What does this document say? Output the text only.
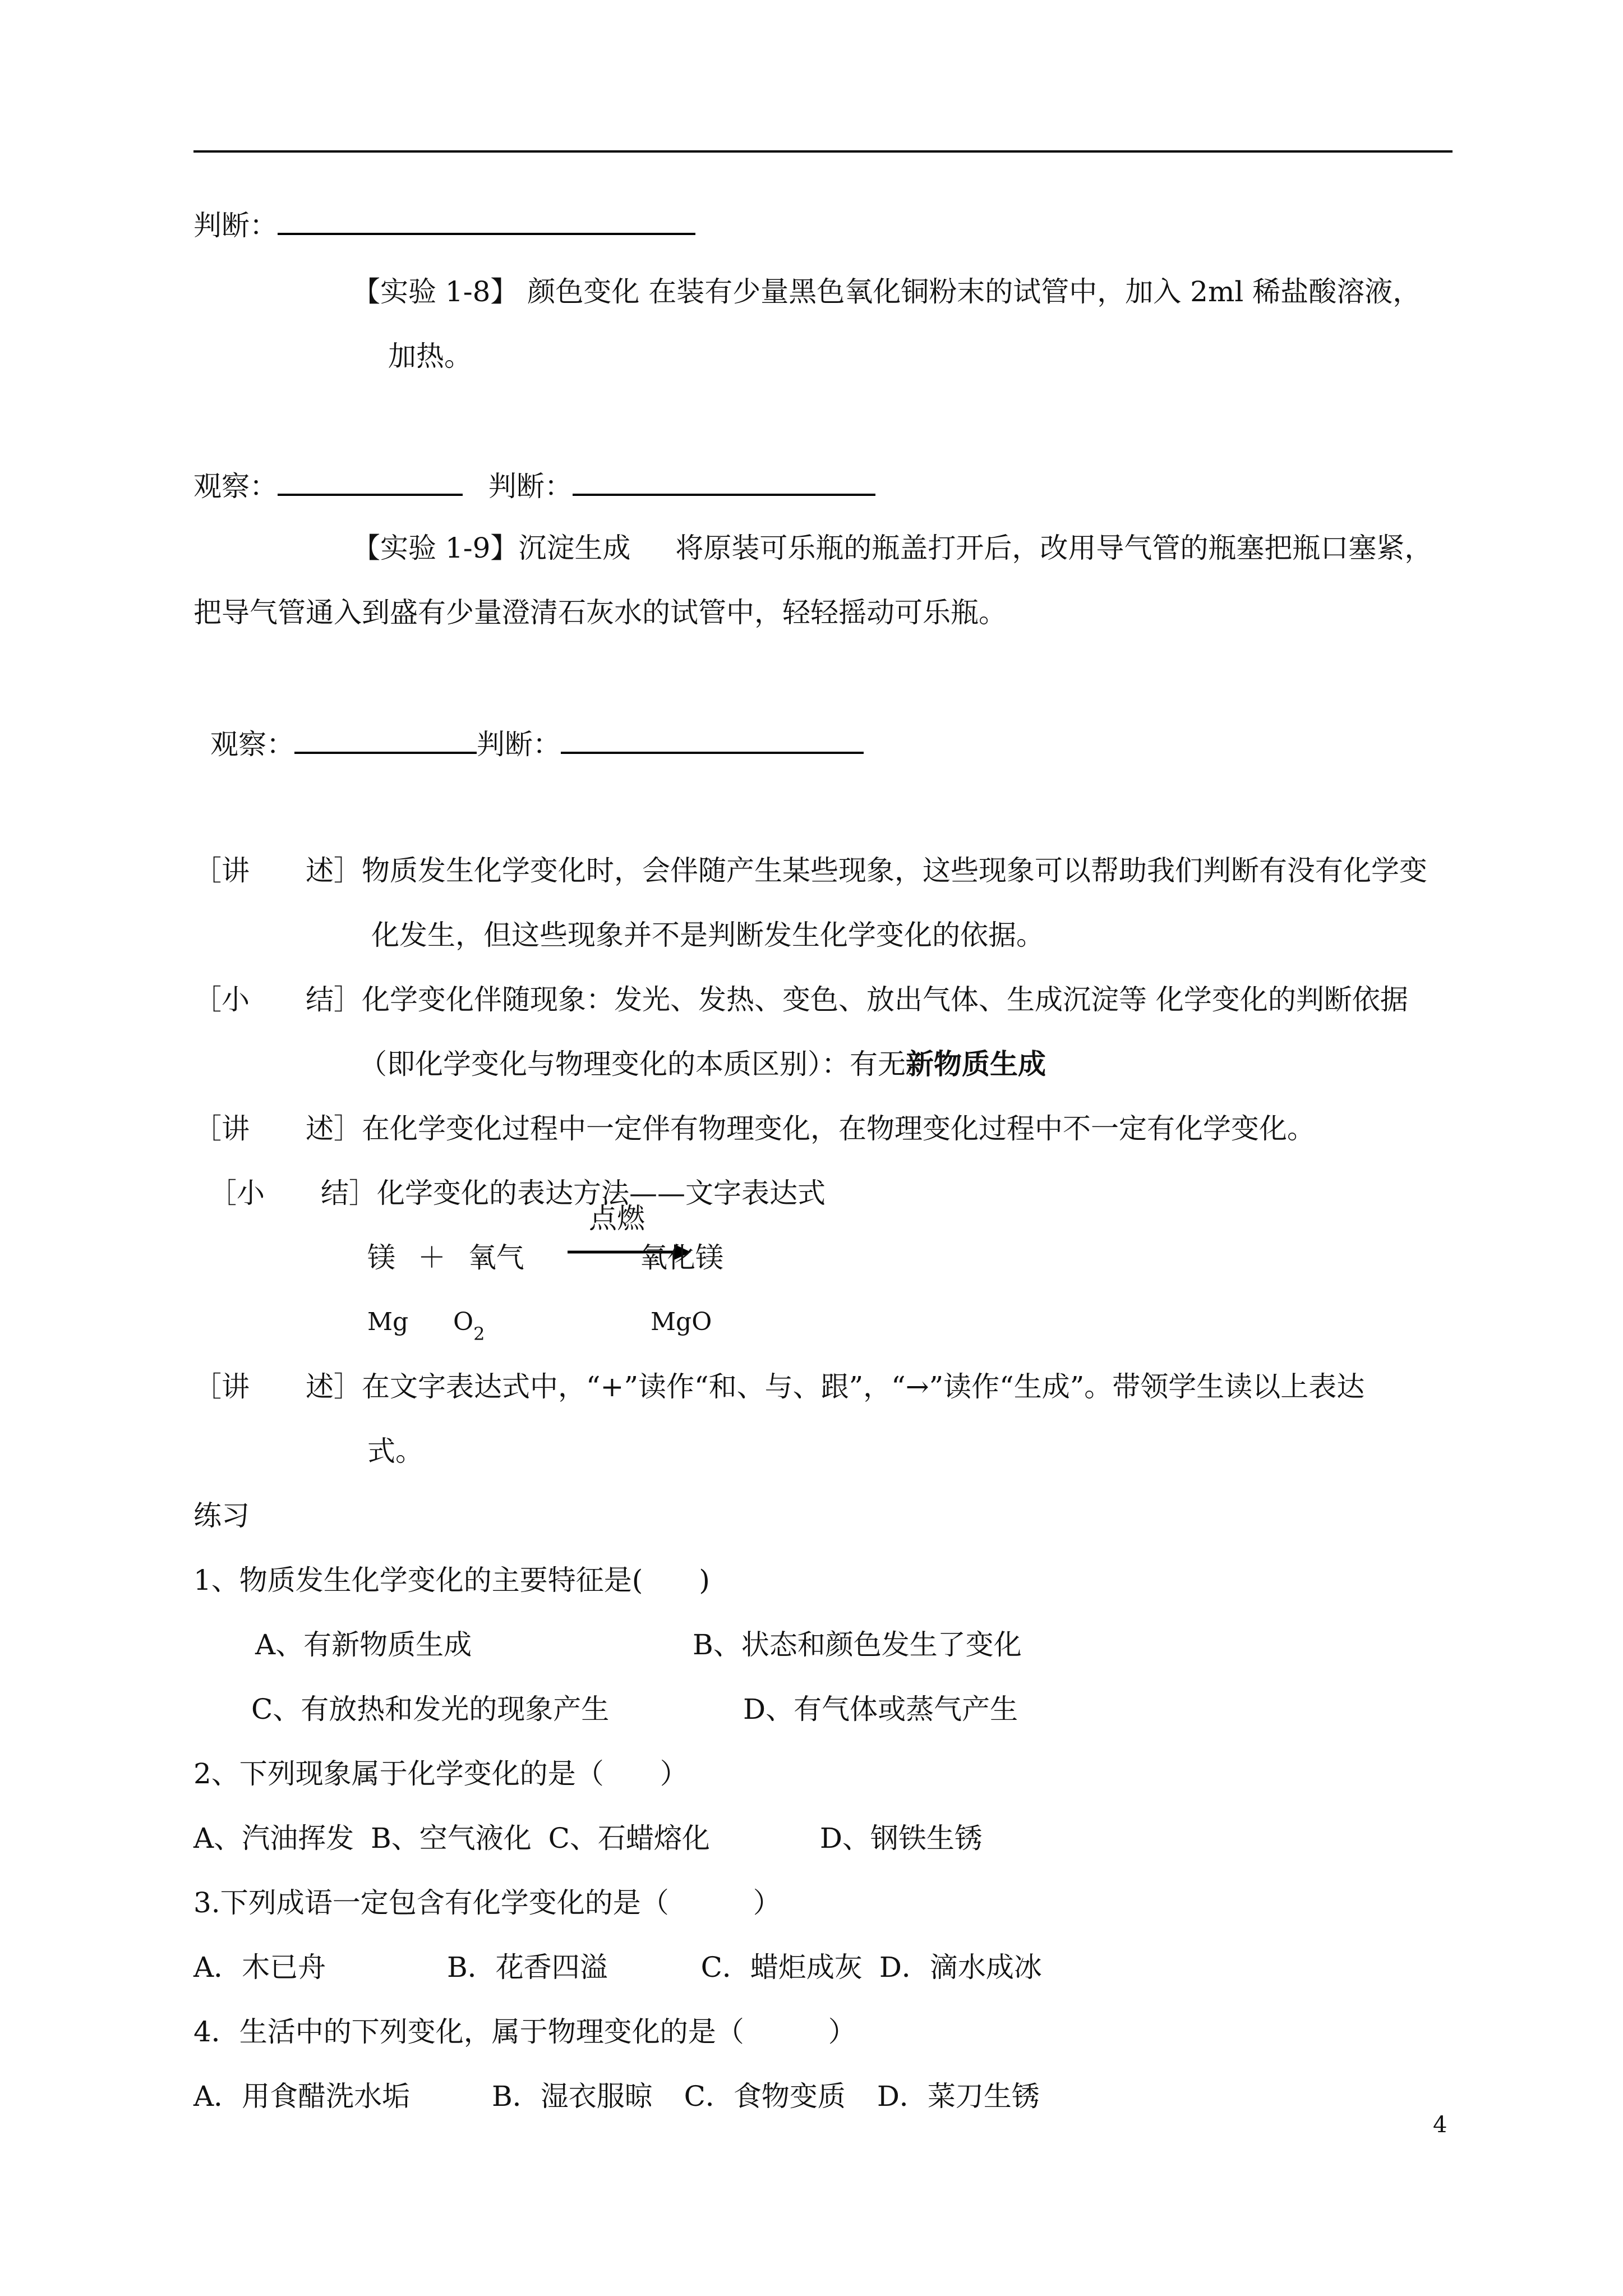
判断：
【实验 1-8】 颜色变化 在装有少量黑色氧化铜粉末的试管中，加入 2ml 稀盐酸溶液，
加热。
观察：	判断：
【实验 1-9】沉淀生成 将原装可乐瓶的瓶盖打开后，改用导气管的瓶塞把瓶口塞紧，
把导气管通入到盛有少量澄清石灰水的试管中，轻轻摇动可乐瓶。
观察：	判断：
［讲　　述］物质发生化学变化时，会伴随产生某些现象，这些现象可以帮助我们判断有没有化学变
化发生，但这些现象并不是判断发生化学变化的依据。
［小　　结］化学变化伴随现象：发光、发热、变色、放出气体、生成沉淀等 化学变化的判断依据
（即化学变化与物理变化的本质区别）：有无新物质生成
［讲　　述］在化学变化过程中一定伴有物理变化，在物理变化过程中不一定有化学变化。
［小　　结］化学变化的表达方法——文字表达式
点燃
镁 ＋ 氧气	氧化镁
Mg $O_2$	MgO
［讲　　述］在文字表达式中，“+”读作“和、与、跟”，“→”读作“生成”。带领学生读以上表达
式。
练习
1、物质发生化学变化的主要特征是(　　)
A、有新物质生成	B、状态和颜色发生了变化
C、有放热和发光的现象产生	D、有气体或蒸气产生
2、下列现象属于化学变化的是（　　）
A、汽油挥发 B、空气液化 C、石蜡熔化	D、钢铁生锈
3.下列成语一定包含有化学变化的是（　　　）
A．木已舟	B．花香四溢	C．蜡炬成灰 D．滴水成冰
4．生活中的下列变化，属于物理变化的是（　　　）
A．用食醋洗水垢	B．湿衣服晾 C．食物变质 D．菜刀生锈
4
